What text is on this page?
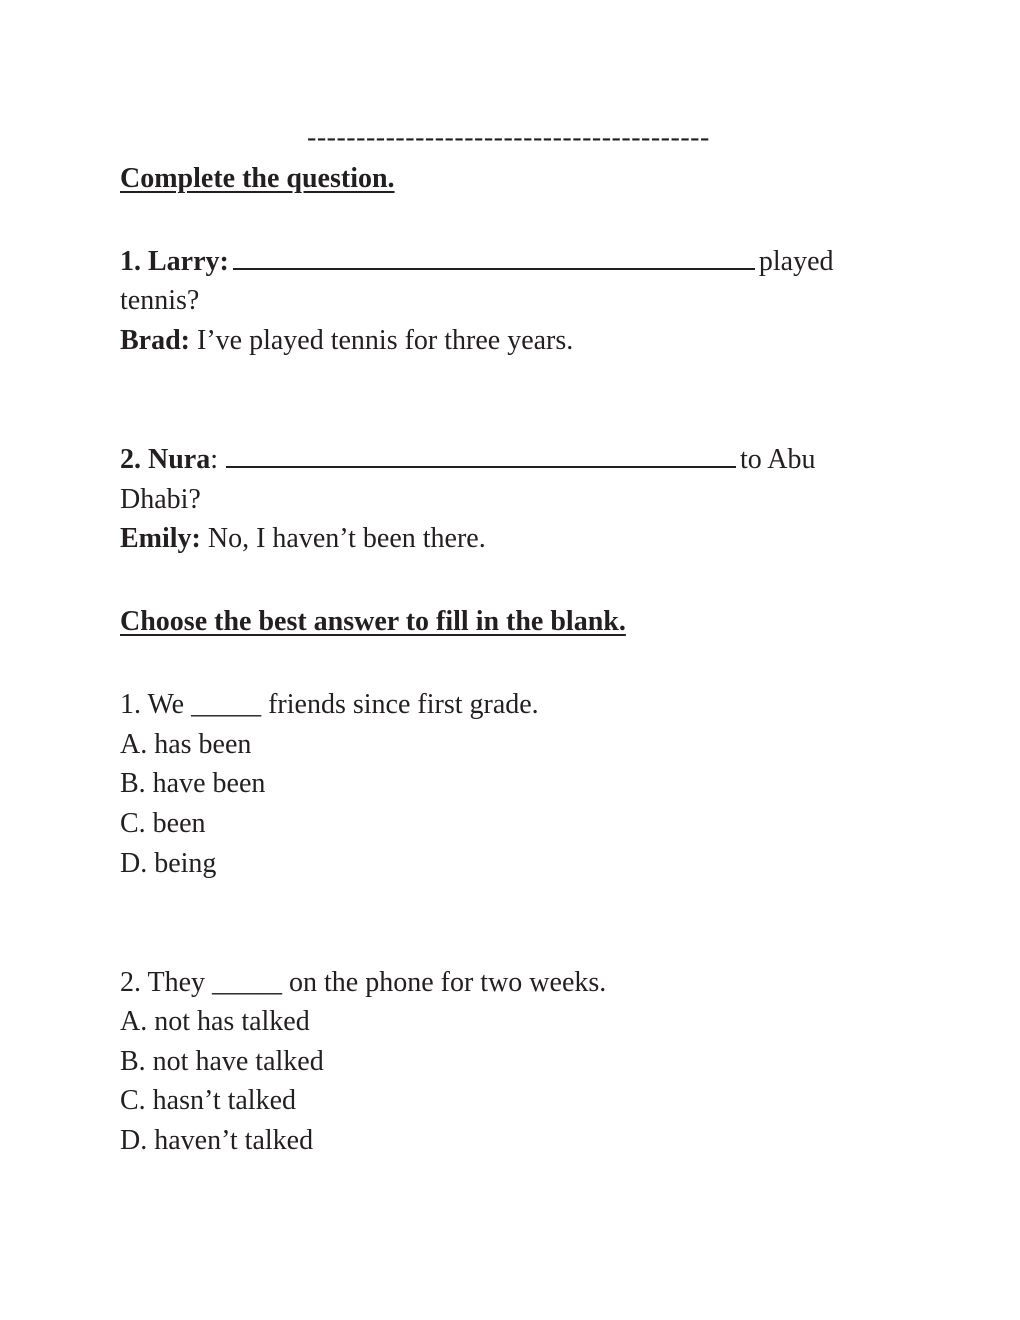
-----------------------------------------
Complete the question.
1. Larry:	played
tennis?
Brad: I’ve played tennis for three years.
2. Nura:	to Abu
Dhabi?
Emily: No, I haven’t been there.
Choose the best answer to fill in the blank.
1. We _____ friends since first grade.
A. has been
B. have been
C. been
D. being
2. They _____ on the phone for two weeks.
A. not has talked
B. not have talked
C. hasn’t talked
D. haven’t talked
